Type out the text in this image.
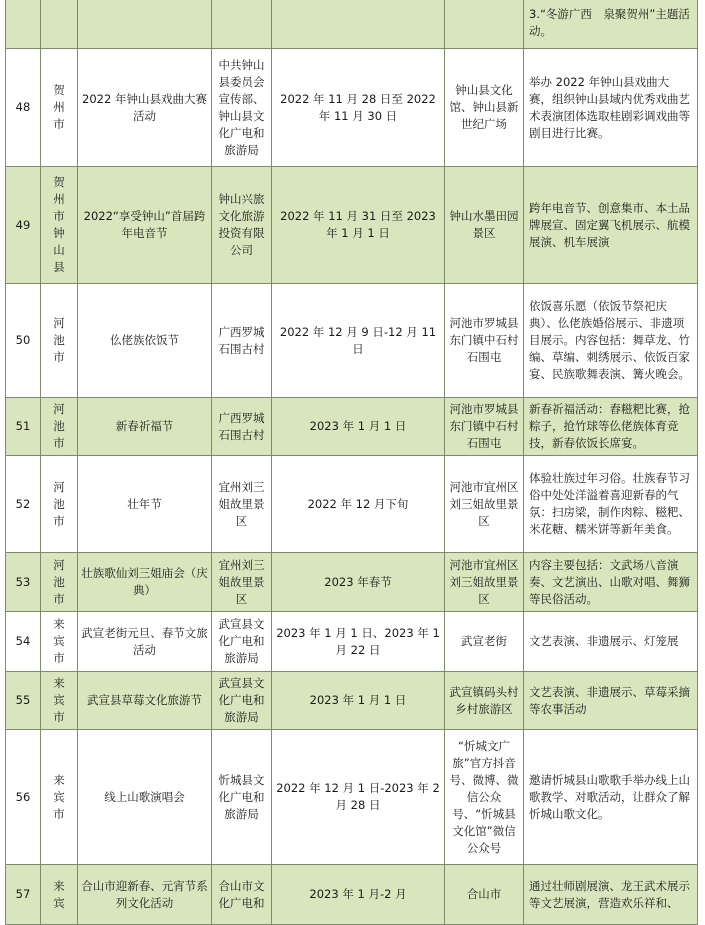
						3.“冬游广西　泉聚贺州”主题活动。
48	贺州市	2022 年钟山县戏曲大赛活动	中共钟山县委员会宣传部、钟山县文化广电和旅游局	2022 年 11 月 28 日至 2022 年 11 月 30 日	钟山县文化馆、钟山县新世纪广场	举办 2022 年钟山县戏曲大赛，组织钟山县域内优秀戏曲艺术表演团体选取桂剧彩调戏曲等剧目进行比赛。
49	贺州市钟山县	2022“享受钟山”首届跨年电音节	钟山兴旅文化旅游投资有限公司	2022 年 11 月 31 日至 2023 年 1 月 1 日	钟山水墨田园景区	跨年电音节、创意集市、本土品牌展宣、固定翼飞机展示、航模展演、机车展演
50	河池市	仫佬族依饭节	广西罗城石围古村	2022 年 12 月 9 日-12 月 11 日	河池市罗城县东门镇中石村石围屯	依饭喜乐愿（依饭节祭祀庆典）、仫佬族婚俗展示、非遗项目展示。内容包括：舞草龙、竹编、草编、刺绣展示、依饭百家宴、民族歌舞表演、篝火晚会。
51	河池市	新春祈福节	广西罗城石围古村	2023 年 1 月 1 日	河池市罗城县东门镇中石村石围屯	新春祈福活动：舂糍粑比赛，抢粽子，抢竹球等仫佬族体育竞技，新春依饭长席宴。
52	河池市	壮年节	宜州刘三姐故里景区	2022 年 12 月下旬	河池市宜州区刘三姐故里景区	体验壮族过年习俗。壮族春节习俗中处处洋溢着喜迎新春的气氛：扫房梁，制作肉粽、糍粑、米花糖、糯米饼等新年美食。
53	河池市	壮族歌仙刘三姐庙会（庆典）	宜州刘三姐故里景区	2023 年春节	河池市宜州区刘三姐故里景区	内容主要包括：文武场八音演奏、文艺演出、山歌对唱、舞狮等民俗活动。
54	来宾市	武宣老街元旦、春节文旅活动	武宣县文化广电和旅游局	2023 年 1 月 1 日、2023 年 1 月 22 日	武宣老街	文艺表演、非遗展示、灯笼展
55	来宾市	武宣县草莓文化旅游节	武宣县文化广电和旅游局	2023 年 1 月 1 日	武宣镇码头村乡村旅游区	文艺表演、非遗展示、草莓采摘等农事活动
56	来宾市	线上山歌演唱会	忻城县文化广电和旅游局	2022 年 12 月 1 日-2023 年 2 月 28 日	“忻城文广旅”官方抖音号、微博、微信公众号、“忻城县文化馆”微信公众号	邀请忻城县山歌歌手举办线上山歌教学、对歌活动，让群众了解忻城山歌文化。
57	来宾	合山市迎新春、元宵节系列文化活动	合山市文化广电和	2023 年 1 月-2 月	合山市	通过壮师剧展演、龙王武术展示等文艺展演，营造欢乐祥和、
